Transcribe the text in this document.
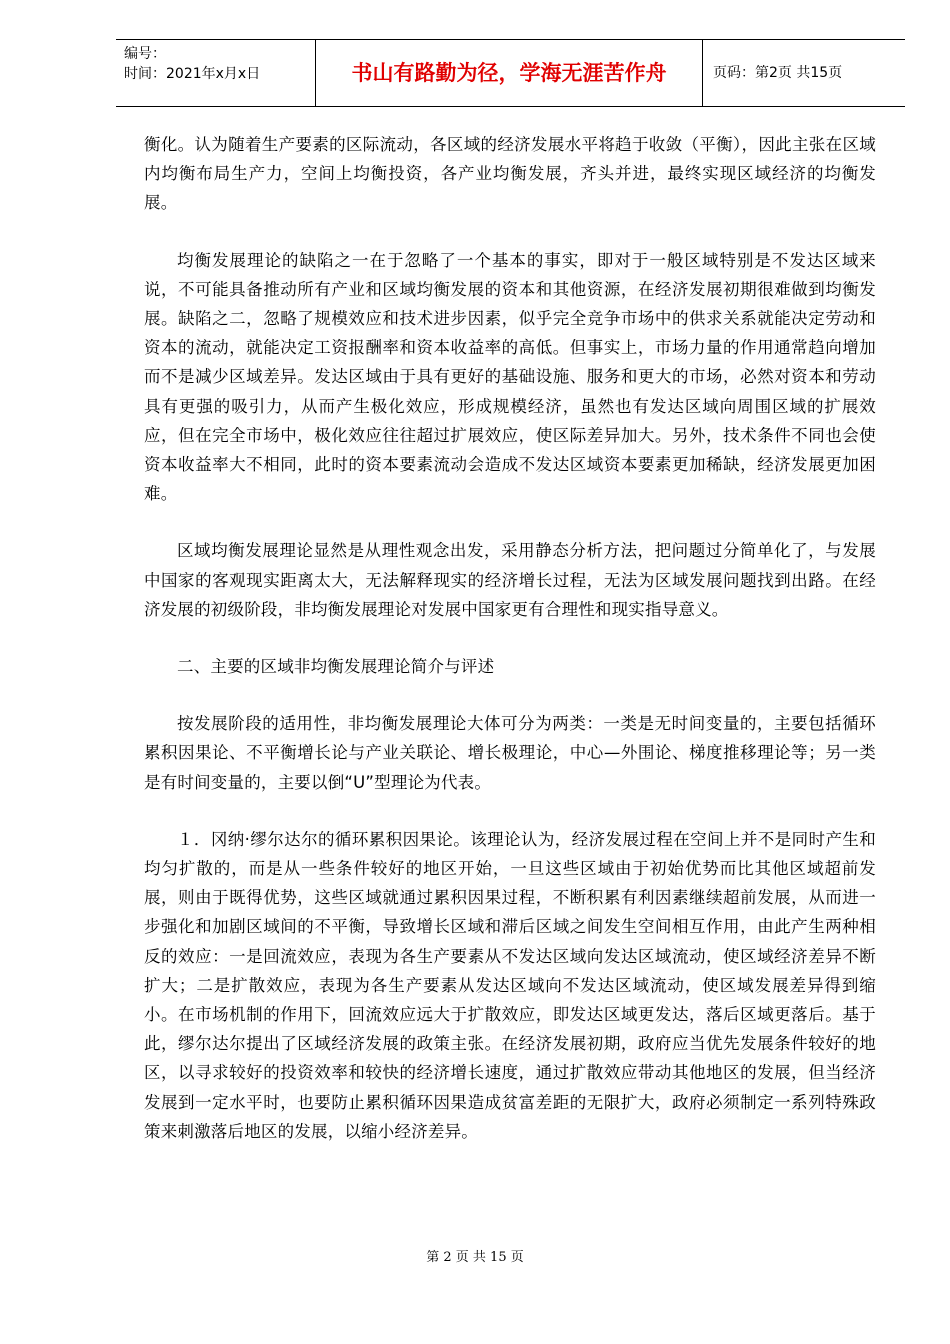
编号：
时间：2021年x月x日	书山有路勤为径，学海无涯苦作舟	页码：第2页 共15页

衡化。认为随着生产要素的区际流动，各区域的经济发展水平将趋于收敛（平衡），因此主张在区域内均衡布局生产力，空间上均衡投资，各产业均衡发展，齐头并进，最终实现区域经济的均衡发展。

均衡发展理论的缺陷之一在于忽略了一个基本的事实，即对于一般区域特别是不发达区域来说，不可能具备推动所有产业和区域均衡发展的资本和其他资源，在经济发展初期很难做到均衡发展。缺陷之二，忽略了规模效应和技术进步因素，似乎完全竞争市场中的供求关系就能决定劳动和资本的流动，就能决定工资报酬率和资本收益率的高低。但事实上，市场力量的作用通常趋向增加而不是减少区域差异。发达区域由于具有更好的基础设施、服务和更大的市场，必然对资本和劳动具有更强的吸引力，从而产生极化效应，形成规模经济，虽然也有发达区域向周围区域的扩展效应，但在完全市场中，极化效应往往超过扩展效应，使区际差异加大。另外，技术条件不同也会使资本收益率大不相同，此时的资本要素流动会造成不发达区域资本要素更加稀缺，经济发展更加困难。

区域均衡发展理论显然是从理性观念出发，采用静态分析方法，把问题过分简单化了，与发展中国家的客观现实距离太大，无法解释现实的经济增长过程，无法为区域发展问题找到出路。在经济发展的初级阶段，非均衡发展理论对发展中国家更有合理性和现实指导意义。

二、主要的区域非均衡发展理论简介与评述

按发展阶段的适用性，非均衡发展理论大体可分为两类：一类是无时间变量的，主要包括循环累积因果论、不平衡增长论与产业关联论、增长极理论，中心—外围论、梯度推移理论等；另一类是有时间变量的，主要以倒“U”型理论为代表。

１．冈纳·缪尔达尔的循环累积因果论。该理论认为，经济发展过程在空间上并不是同时产生和均匀扩散的，而是从一些条件较好的地区开始，一旦这些区域由于初始优势而比其他区域超前发展，则由于既得优势，这些区域就通过累积因果过程，不断积累有利因素继续超前发展，从而进一步强化和加剧区域间的不平衡，导致增长区域和滞后区域之间发生空间相互作用，由此产生两种相反的效应：一是回流效应，表现为各生产要素从不发达区域向发达区域流动，使区域经济差异不断扩大；二是扩散效应，表现为各生产要素从发达区域向不发达区域流动，使区域发展差异得到缩小。在市场机制的作用下，回流效应远大于扩散效应，即发达区域更发达，落后区域更落后。基于此，缪尔达尔提出了区域经济发展的政策主张。在经济发展初期，政府应当优先发展条件较好的地区，以寻求较好的投资效率和较快的经济增长速度，通过扩散效应带动其他地区的发展，但当经济发展到一定水平时，也要防止累积循环因果造成贫富差距的无限扩大，政府必须制定一系列特殊政策来刺激落后地区的发展，以缩小经济差异。

第 2 页 共 15 页
